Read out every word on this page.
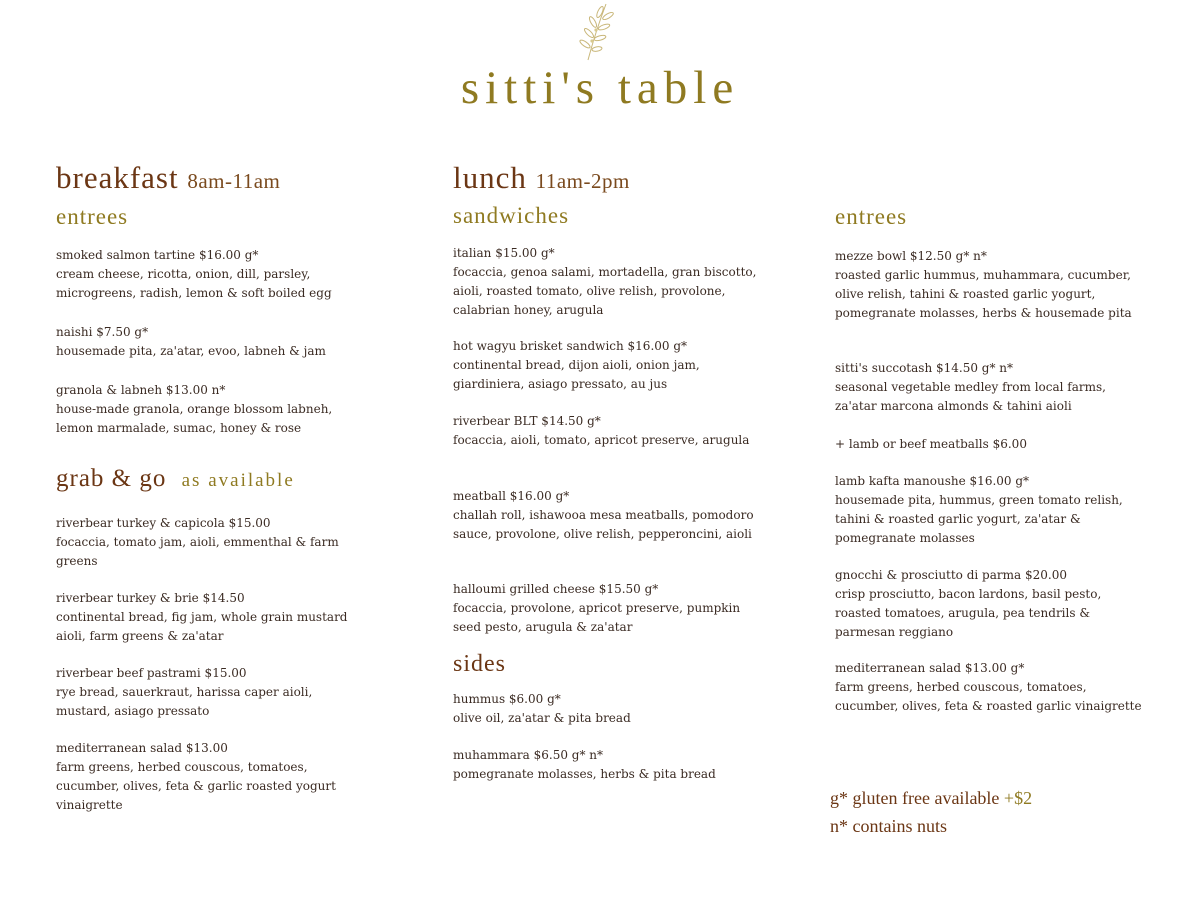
sitti's table
breakfast 8am-11am
entrees
smoked salmon tartine $16.00 g*
cream cheese, ricotta, onion, dill, parsley, microgreens, radish, lemon & soft boiled egg
naishi $7.50 g*
housemade pita, za'atar, evoo, labneh & jam
granola & labneh $13.00 n*
house-made granola, orange blossom labneh, lemon marmalade, sumac, honey & rose
grab & go as available
riverbear turkey & capicola $15.00
focaccia, tomato jam, aioli, emmenthal & farm greens
riverbear turkey & brie $14.50
continental bread, fig jam, whole grain mustard aioli, farm greens & za'atar
riverbear beef pastrami $15.00
rye bread, sauerkraut, harissa caper aioli, mustard, asiago pressato
mediterranean salad $13.00
farm greens, herbed couscous, tomatoes, cucumber, olives, feta & garlic roasted yogurt vinaigrette
lunch 11am-2pm
sandwiches
italian $15.00 g*
focaccia, genoa salami, mortadella, gran biscotto, aioli, roasted tomato, olive relish, provolone, calabrian honey, arugula
hot wagyu brisket sandwich $16.00 g*
continental bread, dijon aioli, onion jam, giardiniera, asiago pressato, au jus
riverbear BLT $14.50 g*
focaccia, aioli, tomato, apricot preserve, arugula
meatball $16.00 g*
challah roll, ishawooa mesa meatballs, pomodoro sauce, provolone, olive relish, pepperoncini, aioli
halloumi grilled cheese $15.50 g*
focaccia, provolone, apricot preserve, pumpkin seed pesto, arugula & za'atar
sides
hummus $6.00 g*
olive oil, za'atar & pita bread
muhammara $6.50 g* n*
pomegranate molasses, herbs & pita bread
entrees
mezze bowl $12.50 g* n*
roasted garlic hummus, muhammara, cucumber, olive relish, tahini & roasted garlic yogurt, pomegranate molasses, herbs & housemade pita
sitti's succotash $14.50 g* n*
seasonal vegetable medley from local farms, za'atar marcona almonds & tahini aioli
+ lamb or beef meatballs $6.00
lamb kafta manoushe $16.00 g*
housemade pita, hummus, green tomato relish, tahini & roasted garlic yogurt, za'atar & pomegranate molasses
gnocchi & prosciutto di parma $20.00
crisp prosciutto, bacon lardons, basil pesto, roasted tomatoes, arugula, pea tendrils & parmesan reggiano
mediterranean salad $13.00 g*
farm greens, herbed couscous, tomatoes, cucumber, olives, feta & roasted garlic vinaigrette
g* gluten free available +$2
n* contains nuts
